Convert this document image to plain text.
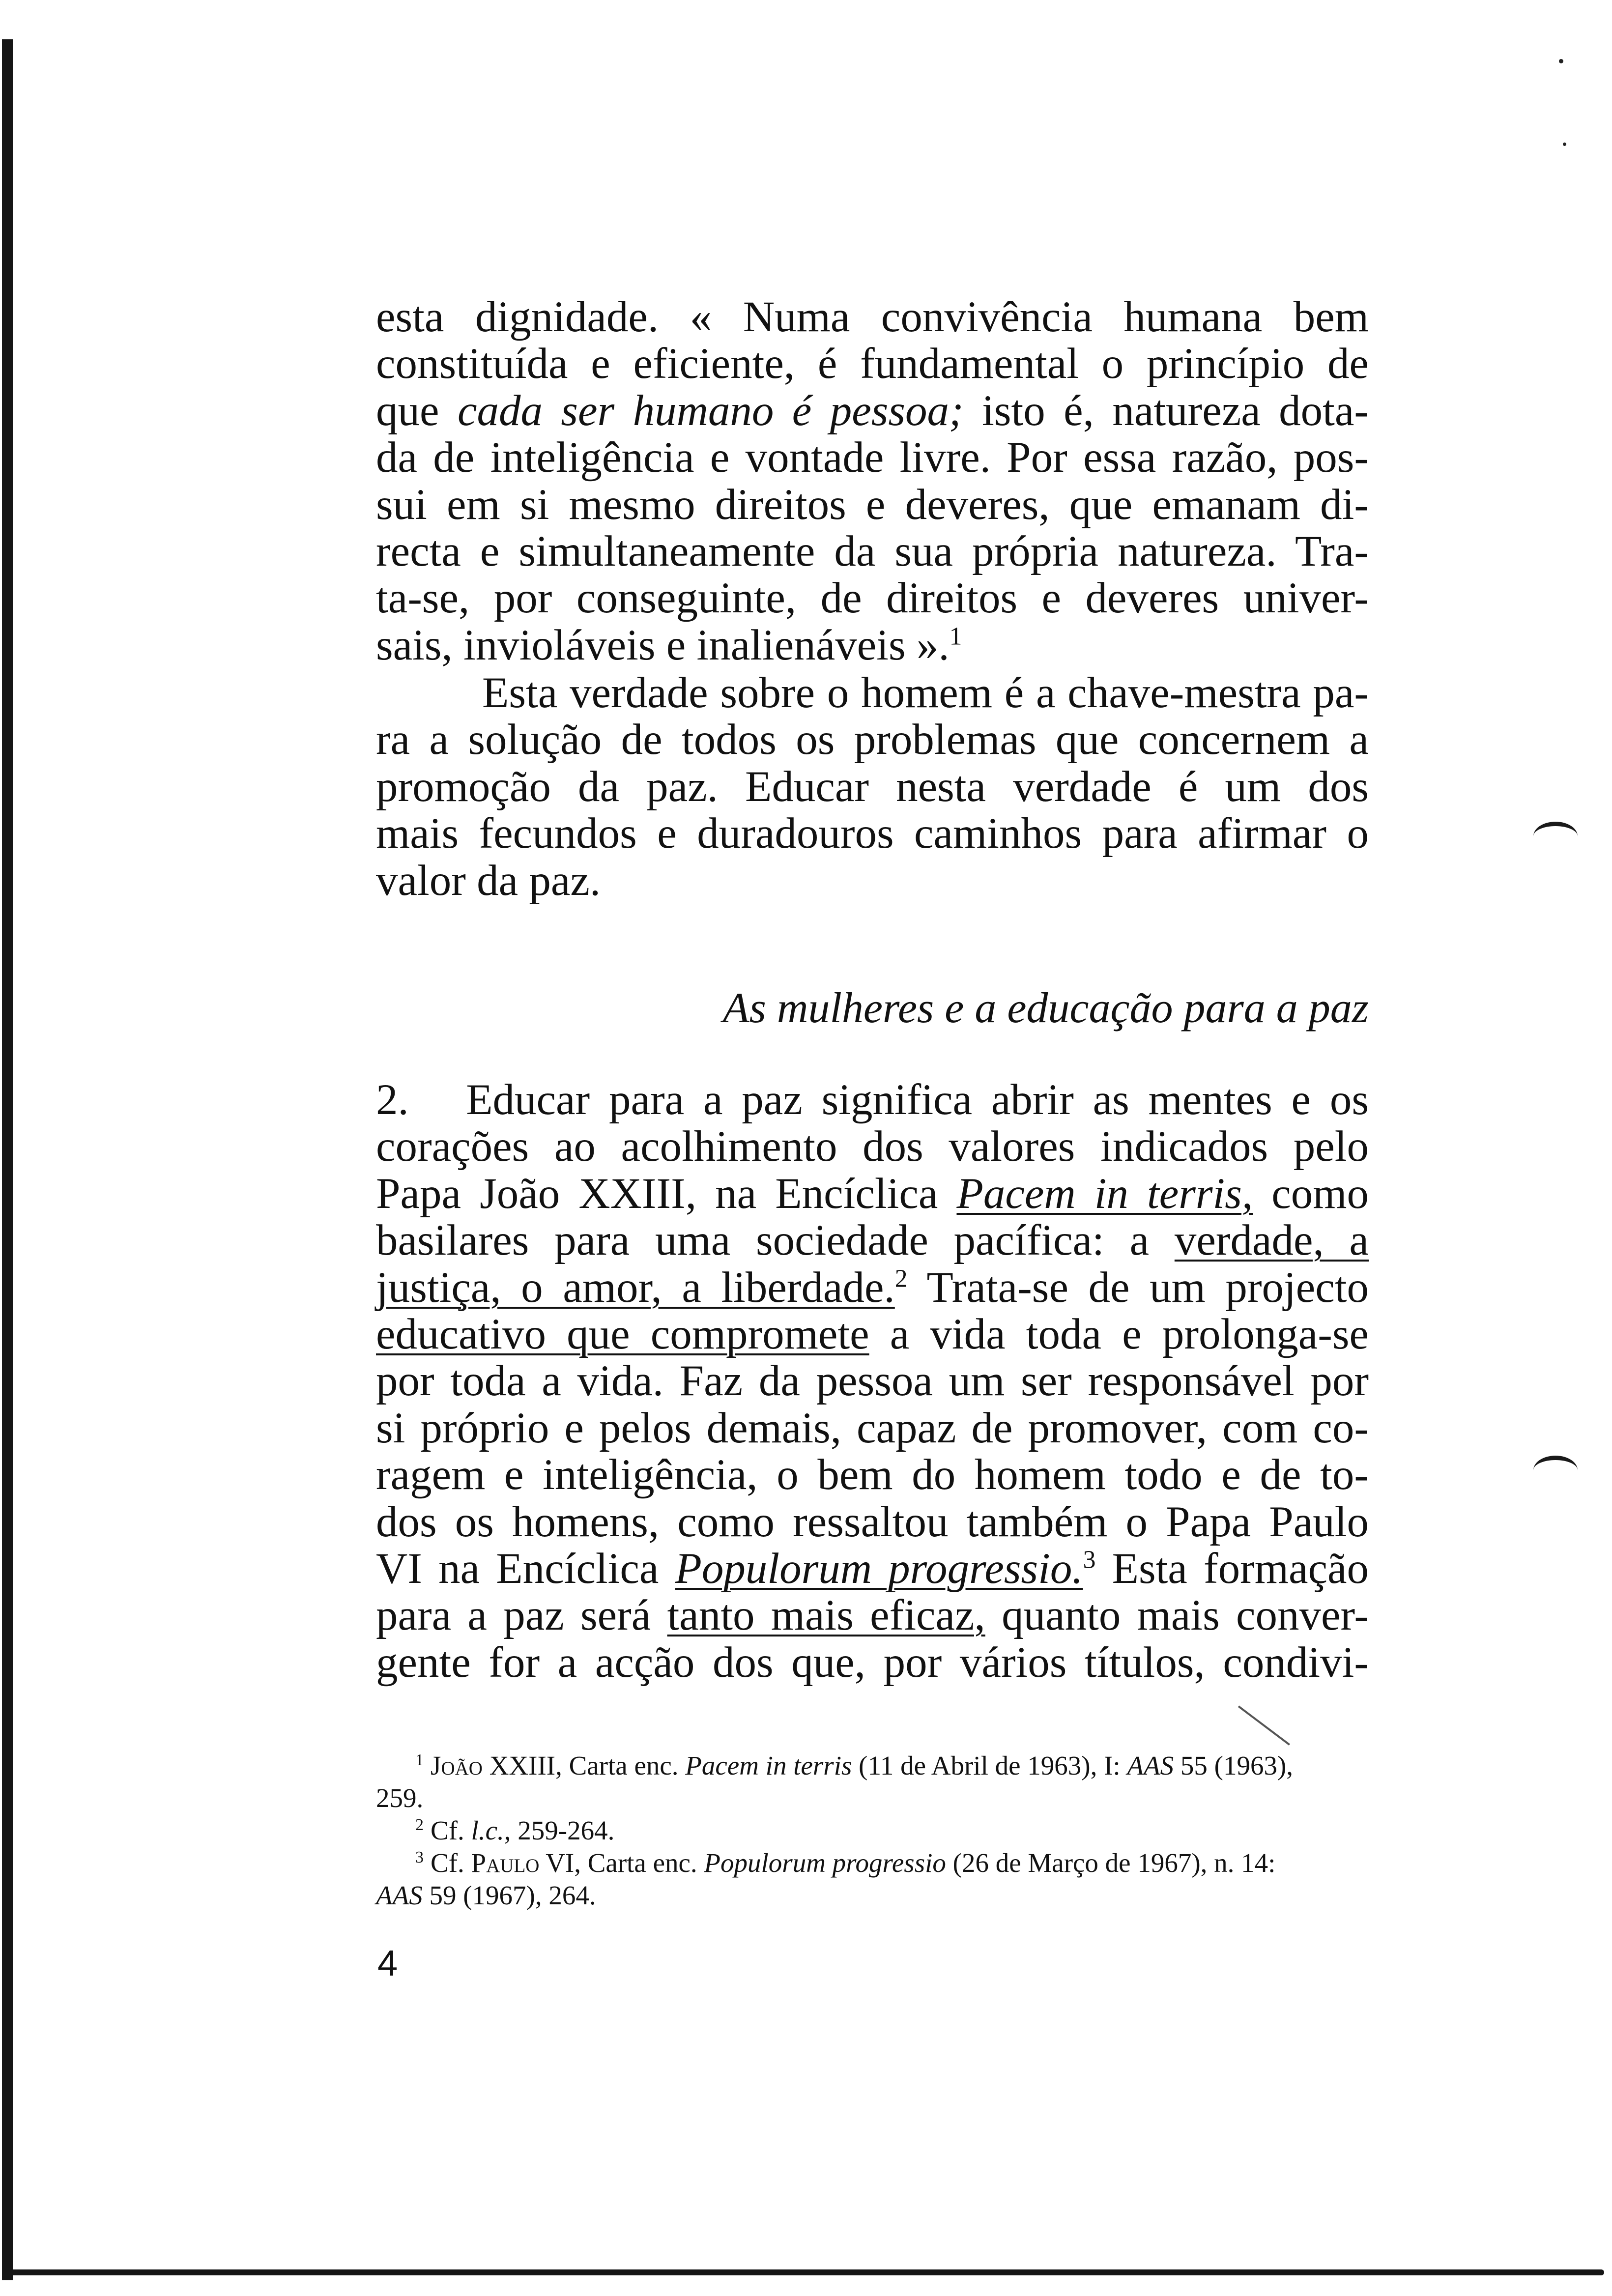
esta dignidade. « Numa convivência humana bem
constituída e eficiente, é fundamental o princípio de
que cada ser humano é pessoa; isto é, natureza dota-
da de inteligência e vontade livre. Por essa razão, pos-
sui em si mesmo direitos e deveres, que emanam di-
recta e simultaneamente da sua própria natureza. Tra-
ta-se, por conseguinte, de direitos e deveres univer-
sais, invioláveis e inalienáveis ».$^1$
Esta verdade sobre o homem é a chave-mestra pa-
ra a solução de todos os problemas que concernem a
promoção da paz. Educar nesta verdade é um dos
mais fecundos e duradouros caminhos para afirmar o
valor da paz.
As mulheres e a educação para a paz
2.   Educar para a paz significa abrir as mentes e os
corações ao acolhimento dos valores indicados pelo
Papa João XXIII, na Encíclica Pacem in terris, como
basilares para uma sociedade pacífica: a verdade, a
justiça, o amor, a liberdade.$^2$ Trata-se de um projecto
educativo que compromete a vida toda e prolonga-se
por toda a vida. Faz da pessoa um ser responsável por
si próprio e pelos demais, capaz de promover, com co-
ragem e inteligência, o bem do homem todo e de to-
dos os homens, como ressaltou também o Papa Paulo
VI na Encíclica Populorum progressio.$^3$ Esta formação
para a paz será tanto mais eficaz, quanto mais conver-
gente for a acção dos que, por vários títulos, condivi-
$^1$ João XXIII, Carta enc. Pacem in terris (11 de Abril de 1963), I: AAS 55 (1963),
259.
$^2$ Cf. l.c., 259-264.
$^3$ Cf. Paulo VI, Carta enc. Populorum progressio (26 de Março de 1967), n. 14:
AAS 59 (1967), 264.
4
